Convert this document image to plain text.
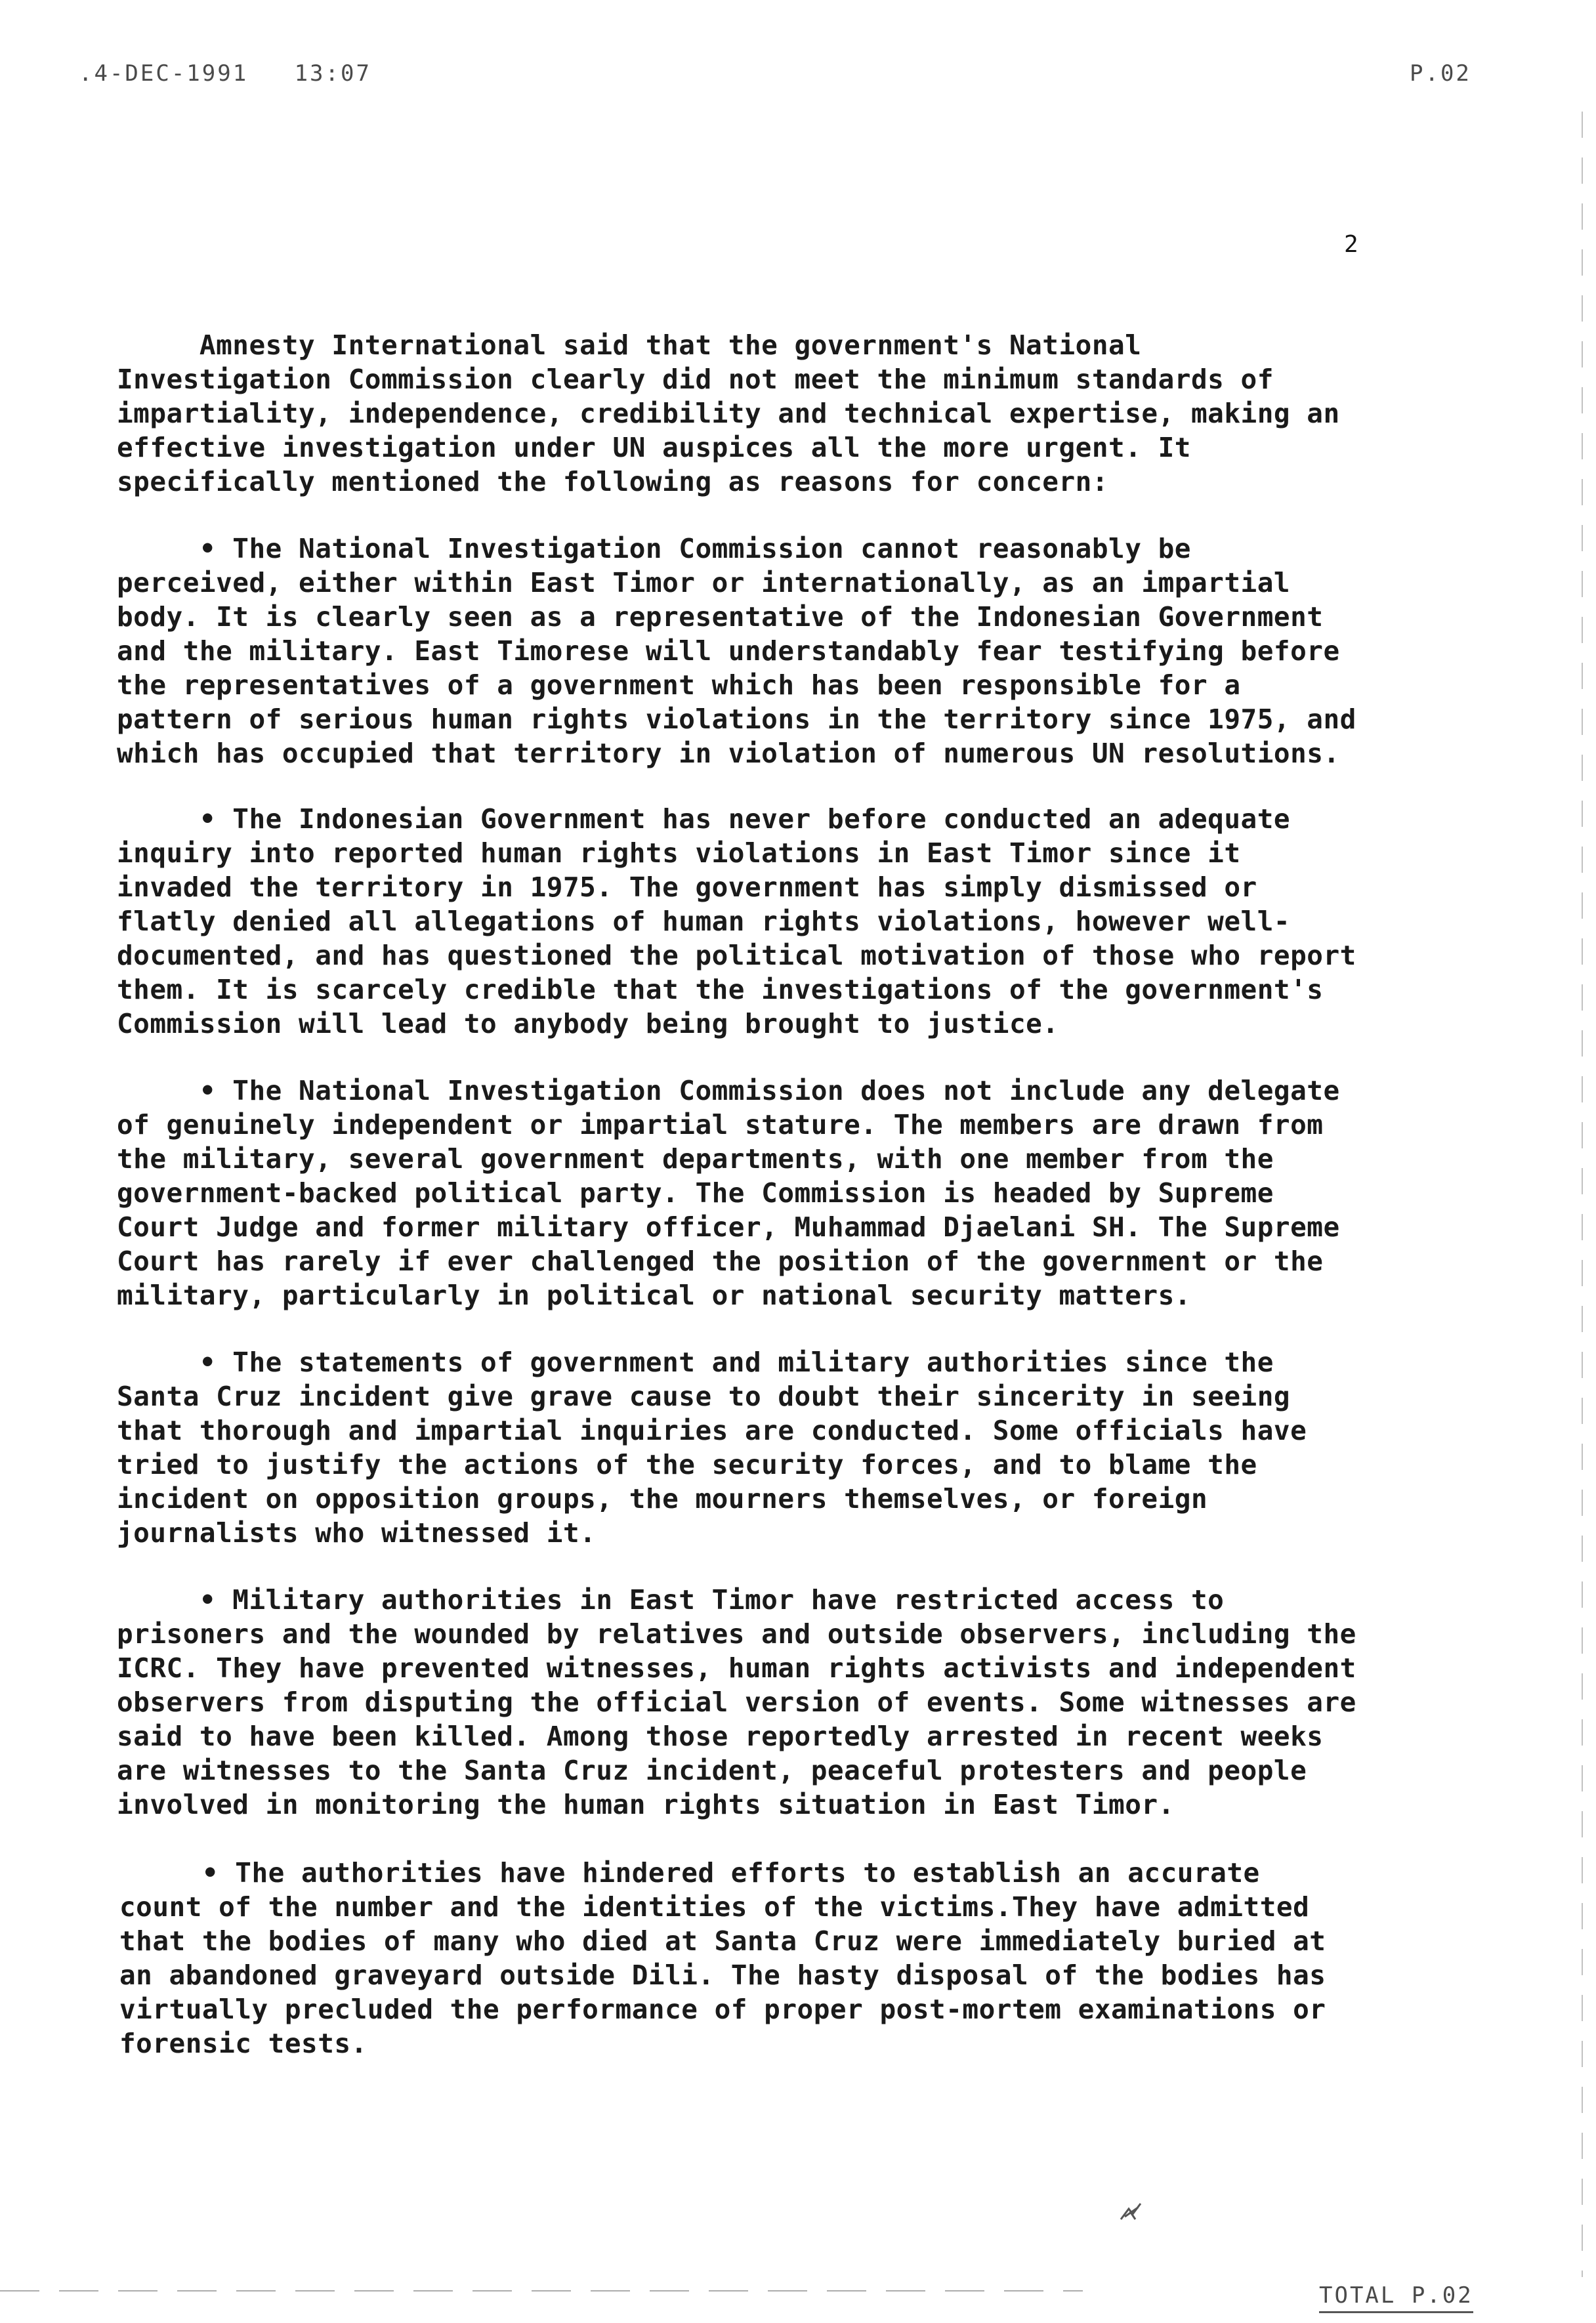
.4-DEC-1991   13:07	P.02
2
Amnesty International said that the government's National
Investigation Commission clearly did not meet the minimum standards of
impartiality, independence, credibility and technical expertise, making an
effective investigation under UN auspices all the more urgent. It
specifically mentioned the following as reasons for concern:
• The National Investigation Commission cannot reasonably be
perceived, either within East Timor or internationally, as an impartial
body. It is clearly seen as a representative of the Indonesian Government
and the military. East Timorese will understandably fear testifying before
the representatives of a government which has been responsible for a
pattern of serious human rights violations in the territory since 1975, and
which has occupied that territory in violation of numerous UN resolutions.
• The Indonesian Government has never before conducted an adequate
inquiry into reported human rights violations in East Timor since it
invaded the territory in 1975. The government has simply dismissed or
flatly denied all allegations of human rights violations, however well-
documented, and has questioned the political motivation of those who report
them. It is scarcely credible that the investigations of the government's
Commission will lead to anybody being brought to justice.
• The National Investigation Commission does not include any delegate
of genuinely independent or impartial stature. The members are drawn from
the military, several government departments, with one member from the
government-backed political party. The Commission is headed by Supreme
Court Judge and former military officer, Muhammad Djaelani SH. The Supreme
Court has rarely if ever challenged the position of the government or the
military, particularly in political or national security matters.
• The statements of government and military authorities since the
Santa Cruz incident give grave cause to doubt their sincerity in seeing
that thorough and impartial inquiries are conducted. Some officials have
tried to justify the actions of the security forces, and to blame the
incident on opposition groups, the mourners themselves, or foreign
journalists who witnessed it.
• Military authorities in East Timor have restricted access to
prisoners and the wounded by relatives and outside observers, including the
ICRC. They have prevented witnesses, human rights activists and independent
observers from disputing the official version of events. Some witnesses are
said to have been killed. Among those reportedly arrested in recent weeks
are witnesses to the Santa Cruz incident, peaceful protesters and people
involved in monitoring the human rights situation in East Timor.
• The authorities have hindered efforts to establish an accurate
count of the number and the identities of the victims.They have admitted
that the bodies of many who died at Santa Cruz were immediately buried at
an abandoned graveyard outside Dili. The hasty disposal of the bodies has
virtually precluded the performance of proper post-mortem examinations or
forensic tests.
TOTAL P.02
